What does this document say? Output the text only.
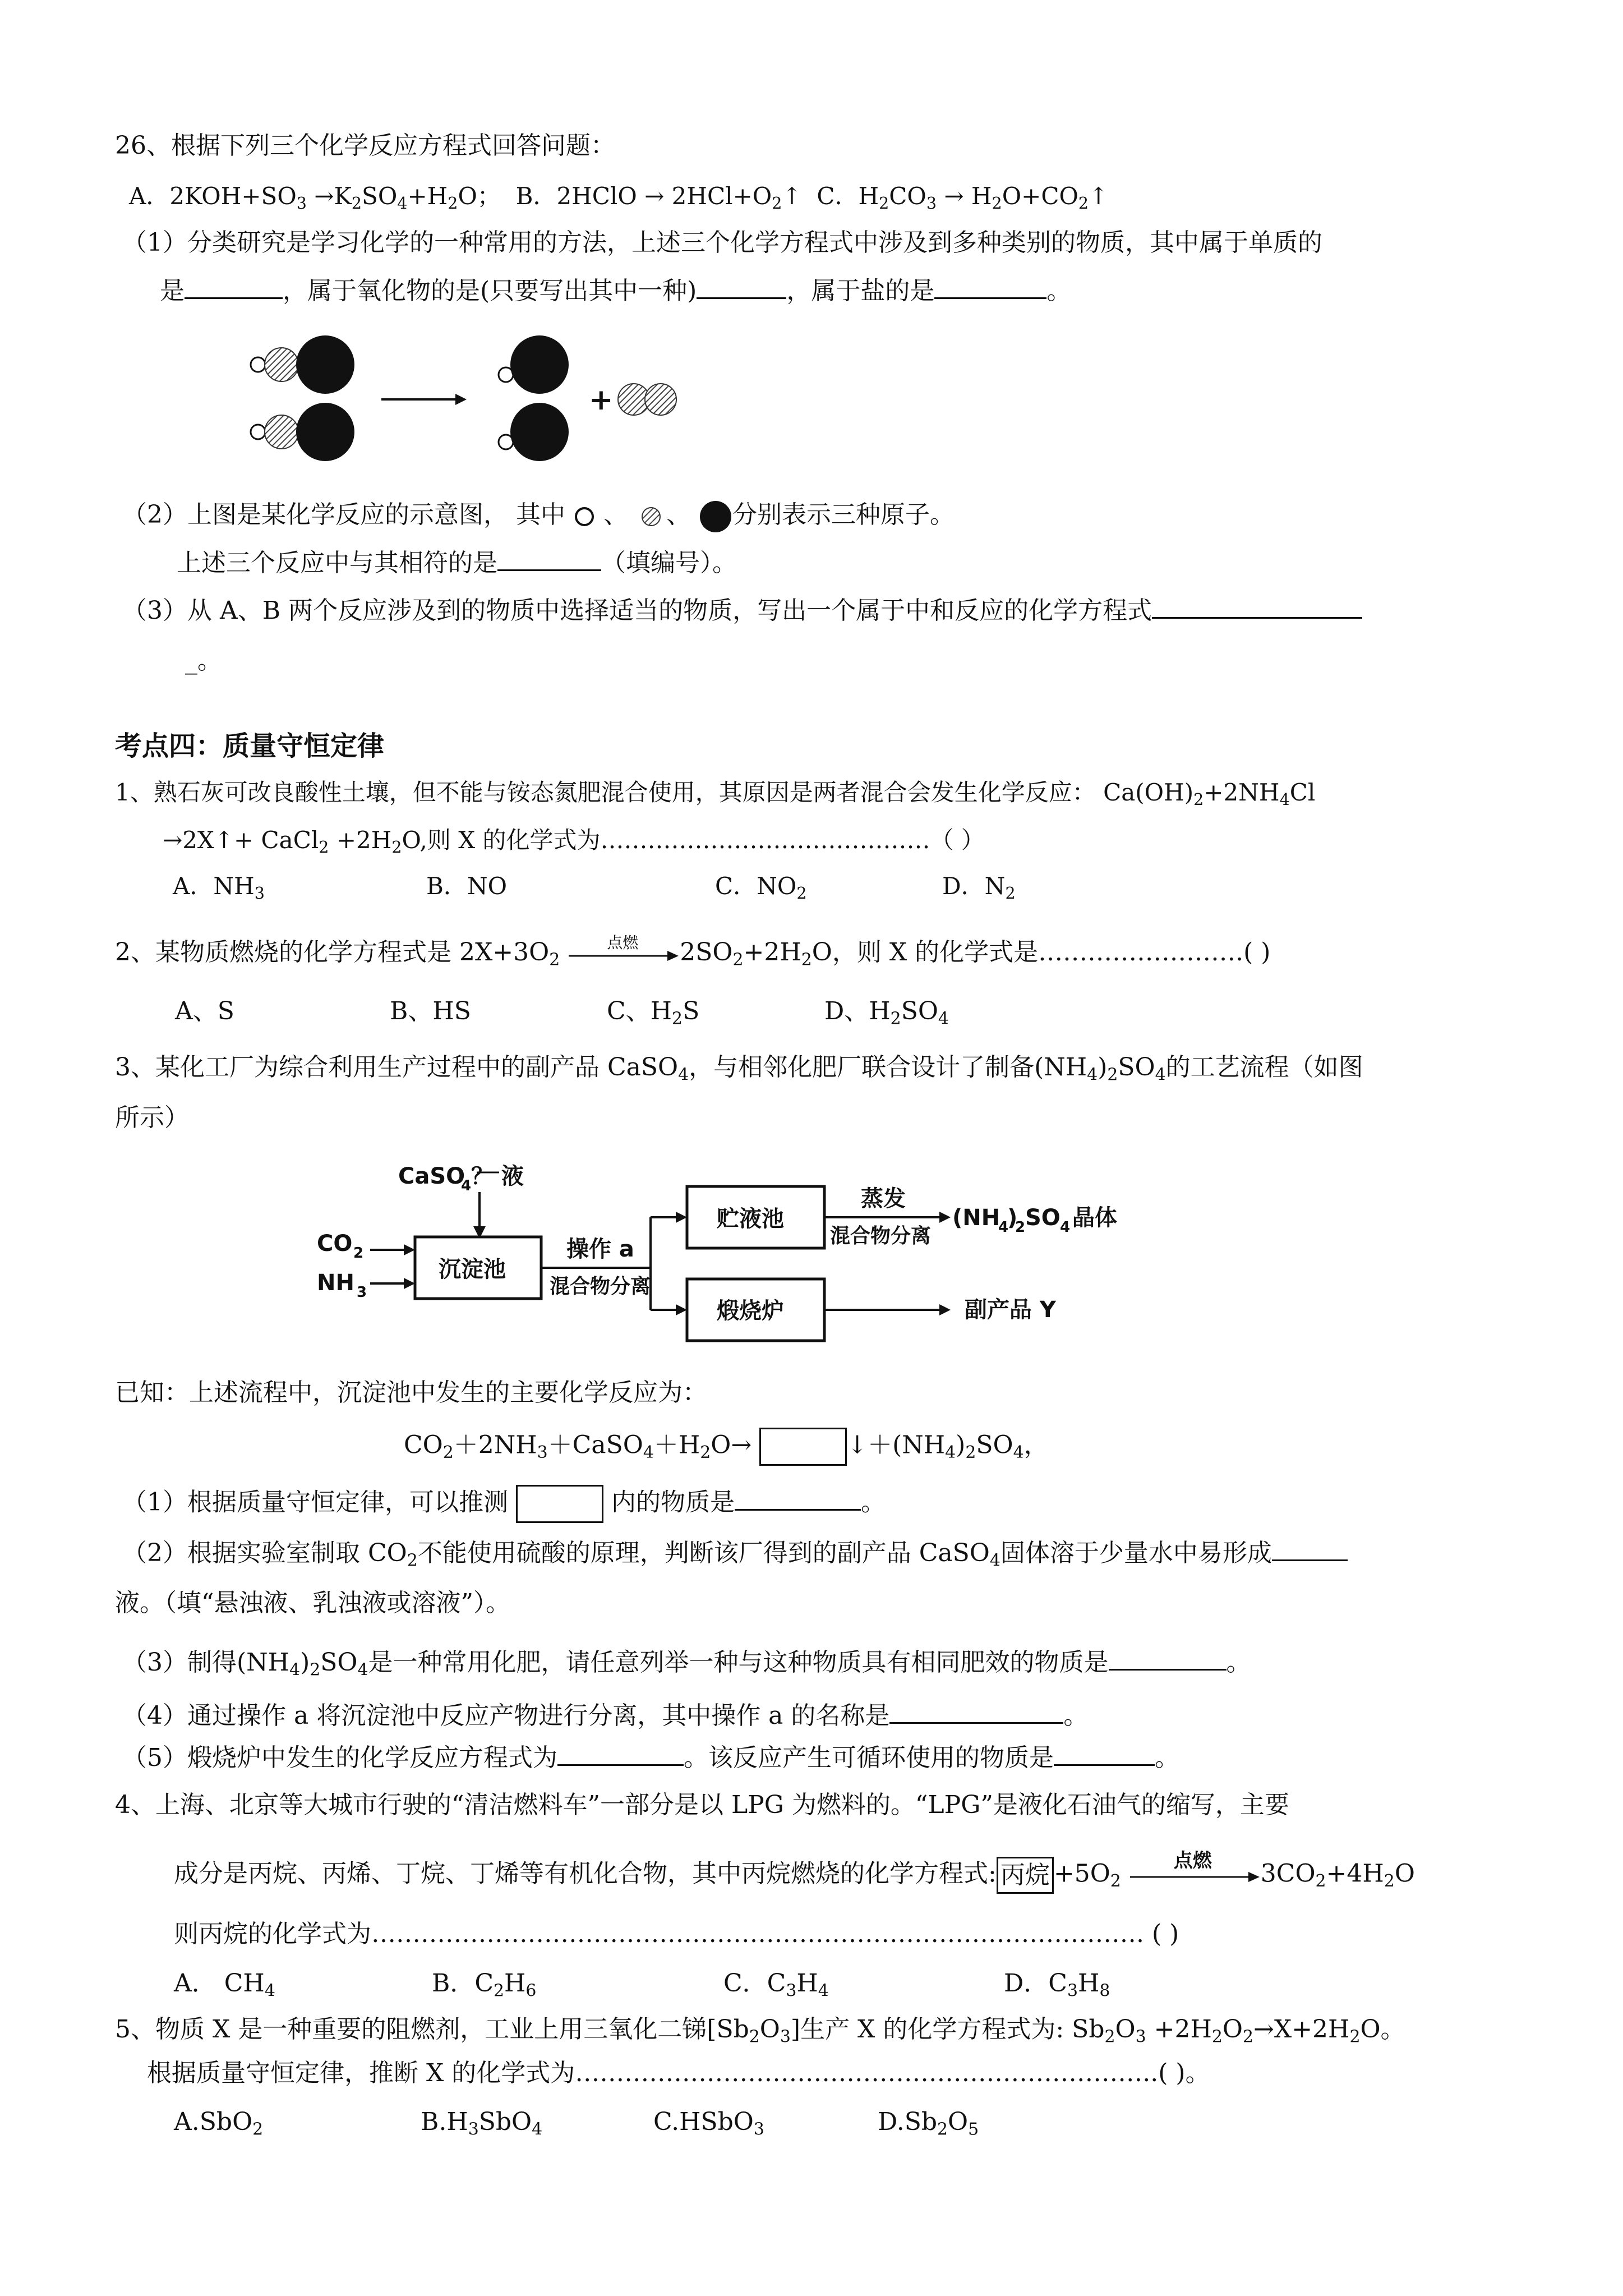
26、根据下列三个化学反应方程式回答问题：
A．$2KOH+SO_3 \to K_2SO_4+H_2O$； B．2HClO → $2HCl+O_2↑$  C．$H_2CO_3$ → $H_2O+CO_2↑$
（1）分类研究是学习化学的一种常用的方法，上述三个化学方程式中涉及到多种类别的物质，其中属于单质的
是	，属于氧化物的是(只要写出其中一种)	，属于盐的是	。
+
（2）上图是某化学反应的示意图， 其中 、 、 分别表示三种原子。
上述三个反应中与其相符的是	（填编号）。
（3）从 A、B 两个反应涉及到的物质中选择适当的物质，写出一个属于中和反应的化学方程式
_。
考点四：质量守恒定律
1、熟石灰可改良酸性土壤，但不能与铵态氮肥混合使用，其原因是两者混合会发生化学反应： $Ca(OH)_2+2NH_4Cl$
→2X↑+ CaCl$_2$ $+2H_2O$,则 X 的化学式为……………………………………（ ）
A．$NH_3$	B．NO	C．$NO_2$	D．$N_2$
2、某物质燃烧的化学方程式是 $2X+3O_2$
点燃 $2SO_2+2H_2O$，则 X 的化学式是…………………….( )
A、S	B、HS	C、$H_2S$	D、$H_2SO_4$
3、某化工厂为综合利用生产过程中的副产品 CaSO$_4$，与相邻化肥厂联合设计了制备$(NH_4)_2SO_4$的工艺流程（如图
所示）
CaSO
4 ？ 液
CO 2
NH 3
沉淀池
操作 a
混合物分离
贮液池
煅烧炉
蒸发
混合物分离
(NH
4
)
2 SO 4 晶体
副产品 Y
已知：上述流程中，沉淀池中发生的主要化学反应为：
$CO_2+2NH_3+CaSO_4+H_2O\to$	$↓+(NH_4)_2SO_4$，
（1）根据质量守恒定律，可以推测	内的物质是	。
（2）根据实验室制取 $CO_2$不能使用硫酸的原理，判断该厂得到的副产品 CaSO$_4$固体溶于少量水中易形成
液。（填“悬浊液、乳浊液或溶液”）。
（3）制得$(NH_4)_2SO_4$是一种常用化肥，请任意列举一种与这种物质具有相同肥效的物质是	。
（4）通过操作 a 将沉淀池中反应产物进行分离，其中操作 a 的名称是	。
（5）煅烧炉中发生的化学反应方程式为	。该反应产生可循环使用的物质是	。
4、上海、北京等大城市行驶的“清洁燃料车”一部分是以 LPG 为燃料的。“LPG”是液化石油气的缩写，主要
成分是丙烷、丙烯、丁烷、丁烯等有机化合物，其中丙烷燃烧的化学方程式: 丙烷 $+5O_2$
点燃 $3CO_2+4H_2O$
则丙烷的化学式为…………………………………………………………………………………. ( )
A． $CH_4$	B．$C_2H_6$	C．$C_3H_4$	D．$C_3H_8$
5、物质 X 是一种重要的阻燃剂，工业上用三氧化二锑$[Sb_2O_3]$生产 X 的化学方程式为: $Sb_2O_3 +2H_2O_2\to X+2H_2O$。
根据质量守恒定律，推断 X 的化学式为……………………………………………………………..( )。
A.SbO$_2$	$B.H_3SbO_4$	C.HSbO$_3$	$D.Sb_2O_5$
